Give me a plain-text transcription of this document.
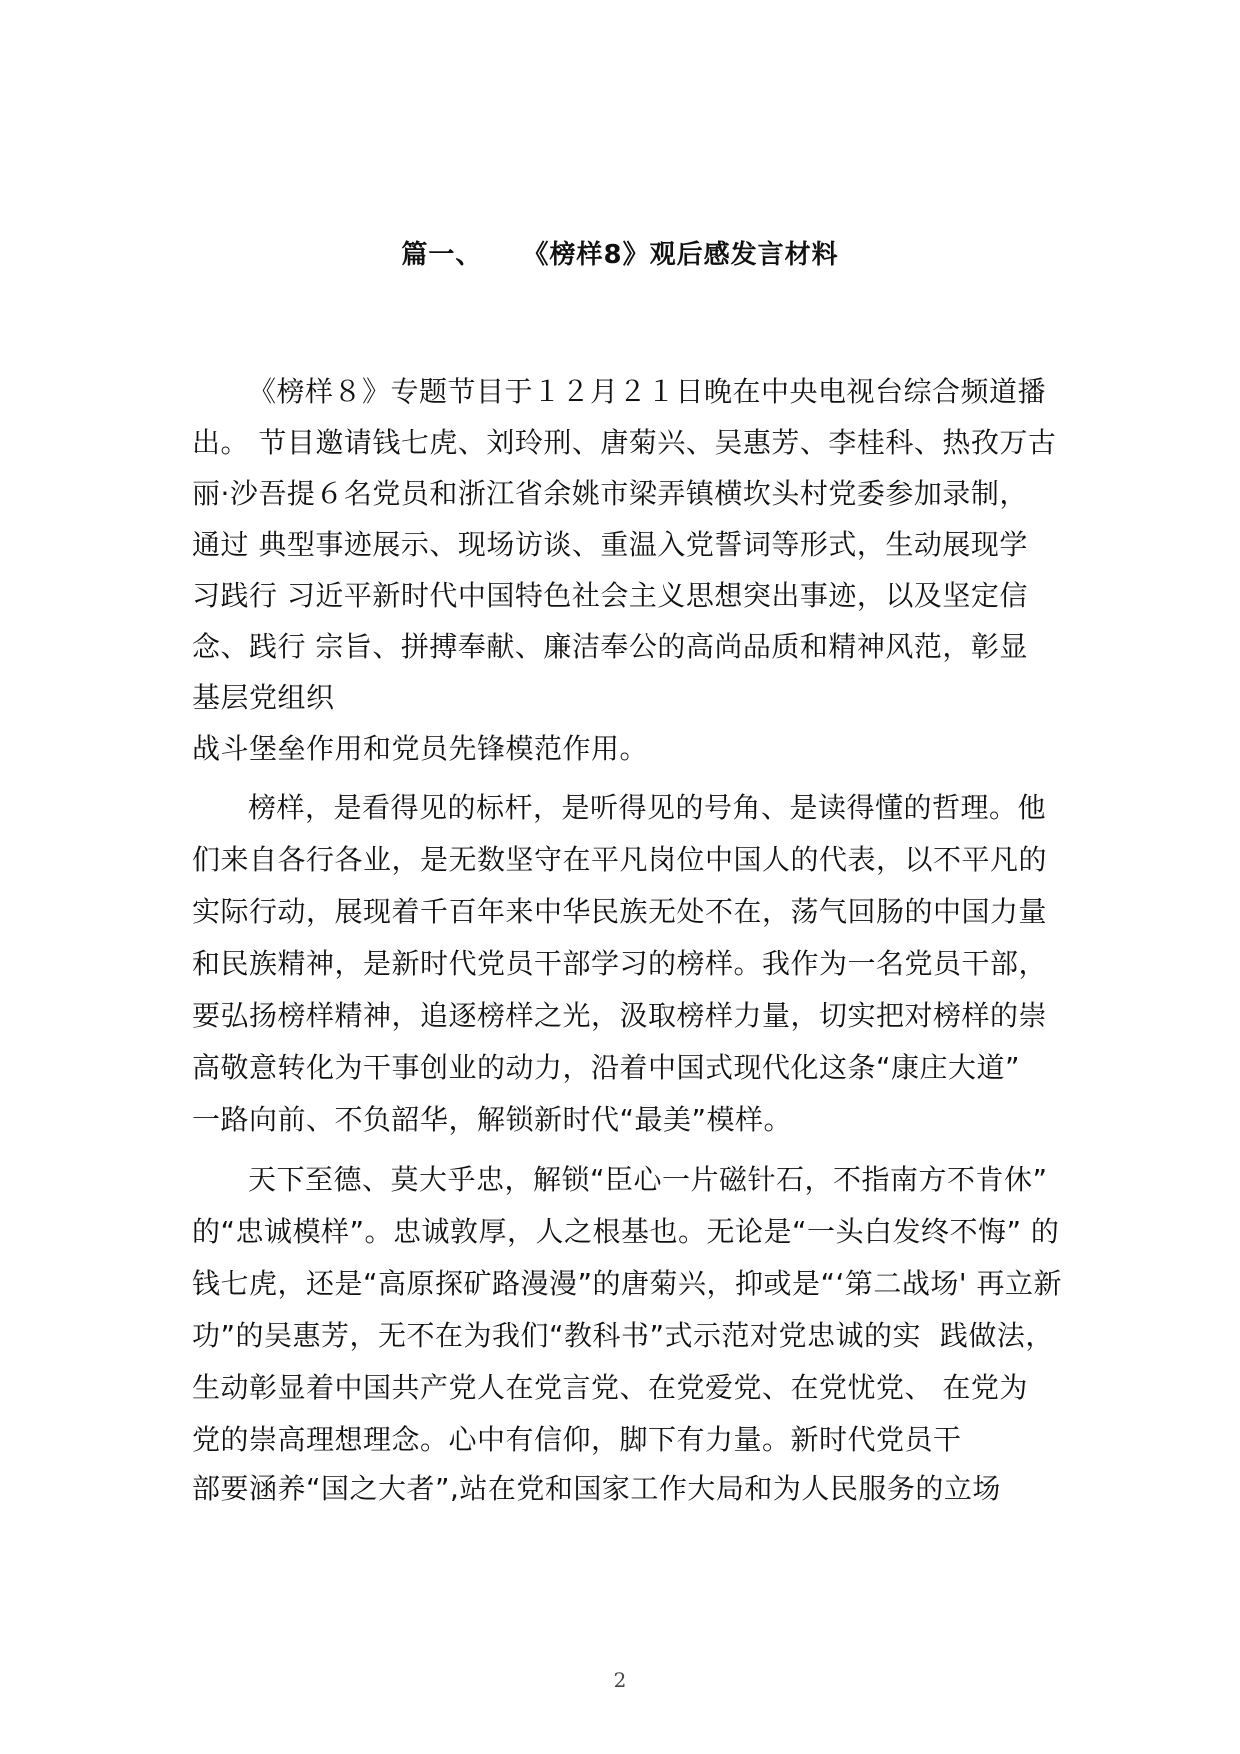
篇一、    《榜样8》观后感发言材料
《榜样８》专题节目于１２月２１日晚在中央电视台综合频道播
出。 节目邀请钱七虎、刘玲刑、唐菊兴、吴惠芳、李桂科、热孜万古
丽·沙吾提６名党员和浙江省余姚市梁弄镇横坎头村党委参加录制，
通过 典型事迹展示、现场访谈、重温入党誓词等形式，生动展现学
习践行 习近平新时代中国特色社会主义思想突出事迹，以及坚定信
念、践行 宗旨、拼搏奉献、廉洁奉公的高尚品质和精神风范，彰显
基层党组织
战斗堡垒作用和党员先锋模范作用。
榜样，是看得见的标杆，是听得见的号角、是读得懂的哲理。他
们来自各行各业，是无数坚守在平凡岗位中国人的代表，以不平凡的
实际行动，展现着千百年来中华民族无处不在，荡气回肠的中国力量
和民族精神，是新时代党员干部学习的榜样。我作为一名党员干部，
要弘扬榜样精神，追逐榜样之光，汲取榜样力量，切实把对榜样的崇
高敬意转化为干事创业的动力，沿着中国式现代化这条“康庄大道”
一路向前、不负韶华，解锁新时代“最美”模样。
天下至德、莫大乎忠，解锁“臣心一片磁针石，不指南方不肯休”
的“忠诚模样”。忠诚敦厚，人之根基也。无论是“一头白发终不悔” 的
钱七虎，还是“高原探矿路漫漫”的唐菊兴，抑或是“‘第二战场' 再立新
功”的吴惠芳，无不在为我们“教科书”式示范对党忠诚的实  践做法，
生动彰显着中国共产党人在党言党、在党爱党、在党忧党、 在党为
党的崇高理想理念。心中有信仰，脚下有力量。新时代党员干
部要涵养“国之大者”,站在党和国家工作大局和为人民服务的立场
2
